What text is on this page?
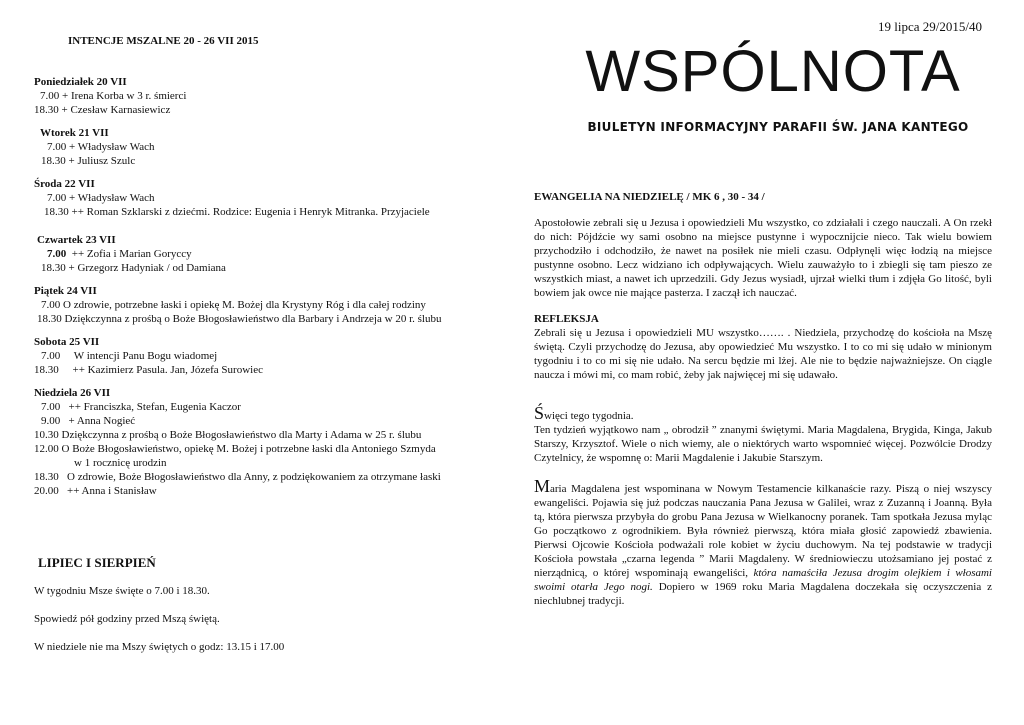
INTENCJE MSZALNE 20 - 26 VII 2015
Poniedziałek 20 VII
7.00 + Irena Korba w 3 r. śmierci
18.30 + Czesław Karnasiewicz
Wtorek 21 VII
7.00 + Władysław Wach
18.30 + Juliusz Szulc
Środa 22 VII
7.00 + Władysław Wach
18.30 ++ Roman Szklarski z dziećmi. Rodzice: Eugenia i Henryk Mitranka. Przyjaciele
Czwartek 23 VII
7.00 ++ Zofia i Marian Goryccy
18.30 + Grzegorz Hadyniak / od Damiana
Piątek 24 VII
7.00 O zdrowie, potrzebne łaski i opiekę M. Bożej dla Krystyny Róg i dla całej rodziny
18.30 Dziękczynna z prośbą o Boże Błogosławieństwo dla Barbary i Andrzeja w 20 r. ślubu
Sobota 25 VII
7.00     W intencji Panu Bogu wiadomej
18.30     ++ Kazimierz Pasula. Jan, Józefa Surowiec
Niedziela 26 VII
7.00   ++ Franciszka, Stefan, Eugenia Kaczor
9.00   + Anna Nogieć
10.30 Dziękczynna z prośbą o Boże Błogosławieństwo dla Marty i Adama w 25 r. ślubu
12.00 O Boże Błogosławieństwo, opiekę M. Bożej i potrzebne łaski dla Antoniego Szmyda
w 1 rocznicę urodzin
18.30   O zdrowie, Boże Błogosławieństwo dla Anny, z podziękowaniem za otrzymane łaski
20.00   ++ Anna i Stanisław
LIPIEC I SIERPIEŃ
W tygodniu Msze święte o 7.00 i 18.30.
Spowiedź pół godziny przed Mszą świętą.
W niedziele nie ma Mszy świętych o godz: 13.15 i 17.00
19 lipca 29/2015/40
WSPÓLNOTA
BIULETYN INFORMACYJNY PARAFII ŚW. JANA KANTEGO
EWANGELIA NA NIEDZIELĘ / MK 6 , 30 - 34 /
Apostołowie zebrali się u Jezusa i opowiedzieli Mu wszystko, co zdziałali i czego nauczali. A On rzekł do nich: Pójdźcie wy sami osobno na miejsce pustynne i wypocznijcie nieco. Tak wielu bowiem przychodziło i odchodziło, że nawet na posiłek nie mieli czasu. Odpłynęli więc łodzią na miejsce pustynne osobno. Lecz widziano ich odpływających. Wielu zauważyło to i zbiegli się tam pieszo ze wszystkich miast, a nawet ich uprzedzili. Gdy Jezus wysiadł, ujrzał wielki tłum i zdjęła Go litość, byli bowiem jak owce nie mające pasterza. I zaczął ich nauczać.
REFLEKSJA
Zebrali się u Jezusa i opowiedzieli MU wszystko……. . Niedziela, przychodzę do kościoła na Mszę świętą. Czyli przychodzę do Jezusa, aby opowiedzieć Mu wszystko. I to co mi się udało w minionym tygodniu i to co mi się nie udało. Na sercu będzie mi lżej. Ale nie to będzie najważniejsze. On ciągle naucza i mówi mi, co mam robić, żeby jak najwięcej mi się udawało.
Święci tego tygodnia.
Ten tydzień wyjątkowo nam „ obrodził ” znanymi świętymi. Maria Magdalena, Brygida, Kinga, Jakub Starszy, Krzysztof. Wiele o nich wiemy, ale o niektórych warto wspomnieć więcej. Pozwólcie Drodzy Czytelnicy, że wspomnę o: Marii Magdalenie i Jakubie Starszym.
Maria Magdalena jest wspominana w Nowym Testamencie kilkanaście razy. Piszą o niej wszyscy ewangeliści. Pojawia się już podczas nauczania Pana Jezusa w Galilei, wraz z Zuzanną i Joanną. Była tą, która pierwsza przybyła do grobu Pana Jezusa w Wielkanocny poranek. Tam spotkała Jezusa myląc Go początkowo z ogrodnikiem. Była również pierwszą, która miała głosić zapowiedź zbawienia. Pierwsi Ojcowie Kościoła podważali role kobiet w życiu duchowym. Na tej podstawie w tradycji Kościoła powstała „czarna legenda ” Marii Magdaleny. W średniowieczu utożsamiano jej postać z nierządnicą, o której wspominają ewangeliści, która namaściła Jezusa drogim olejkiem i włosami swoimi otarła Jego nogi. Dopiero w 1969 roku Maria Magdalena doczekała się oczyszczenia z niechlubnej tradycji.
